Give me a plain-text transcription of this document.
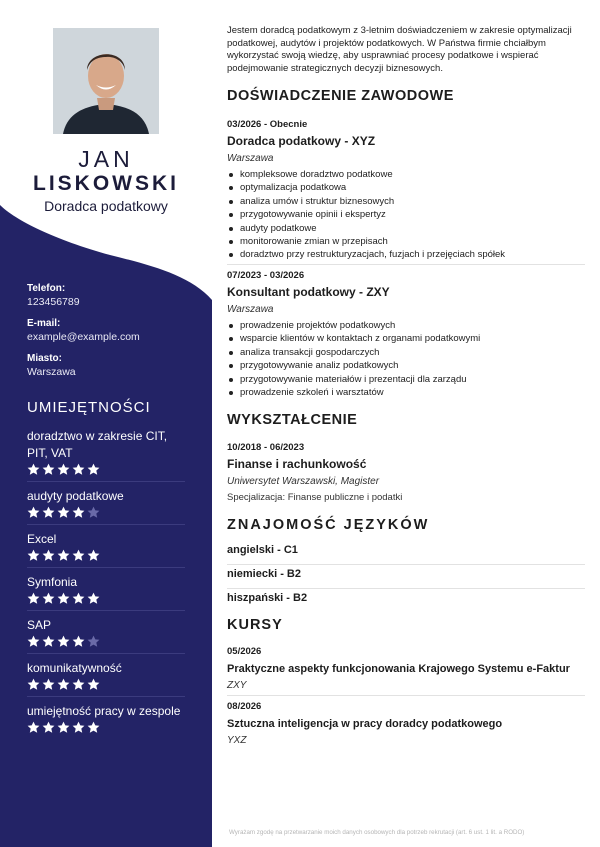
JAN
LISKOWSKI
Doradca podatkowy
Telefon:
123456789
E-mail:
example@example.com
Miasto:
Warszawa
UMIEJĘTNOŚCI
doradztwo w zakresie CIT, PIT, VAT
audyty podatkowe
Excel
Symfonia
SAP
komunikatywność
umiejętność pracy w zespole
Jestem doradcą podatkowym z 3-letnim doświadczeniem w zakresie optymalizacji podatkowej, audytów i projektów podatkowych. W Państwa firmie chciałbym wykorzystać swoją wiedzę, aby usprawniać procesy podatkowe i wspierać podejmowanie strategicznych decyzji biznesowych.
DOŚWIADCZENIE ZAWODOWE
03/2026 - Obecnie
Doradca podatkowy - XYZ
Warszawa
kompleksowe doradztwo podatkowe
optymalizacja podatkowa
analiza umów i struktur biznesowych
przygotowywanie opinii i ekspertyz
audyty podatkowe
monitorowanie zmian w przepisach
doradztwo przy restrukturyzacjach, fuzjach i przejęciach spółek
07/2023 - 03/2026
Konsultant podatkowy - ZXY
Warszawa
prowadzenie projektów podatkowych
wsparcie klientów w kontaktach z organami podatkowymi
analiza transakcji gospodarczych
przygotowywanie analiz podatkowych
przygotowywanie materiałów i prezentacji dla zarządu
prowadzenie szkoleń i warsztatów
WYKSZTAŁCENIE
10/2018 - 06/2023
Finanse i rachunkowość
Uniwersytet Warszawski, Magister
Specjalizacja: Finanse publiczne i podatki
ZNAJOMOŚĆ JĘZYKÓW
angielski - C1
niemiecki - B2
hiszpański - B2
KURSY
05/2026
Praktyczne aspekty funkcjonowania Krajowego Systemu e-Faktur
ZXY
08/2026
Sztuczna inteligencja w pracy doradcy podatkowego
YXZ
Wyrażam zgodę na przetwarzanie moich danych osobowych dla potrzeb rekrutacji (art. 6 ust. 1 lit. a RODO)
